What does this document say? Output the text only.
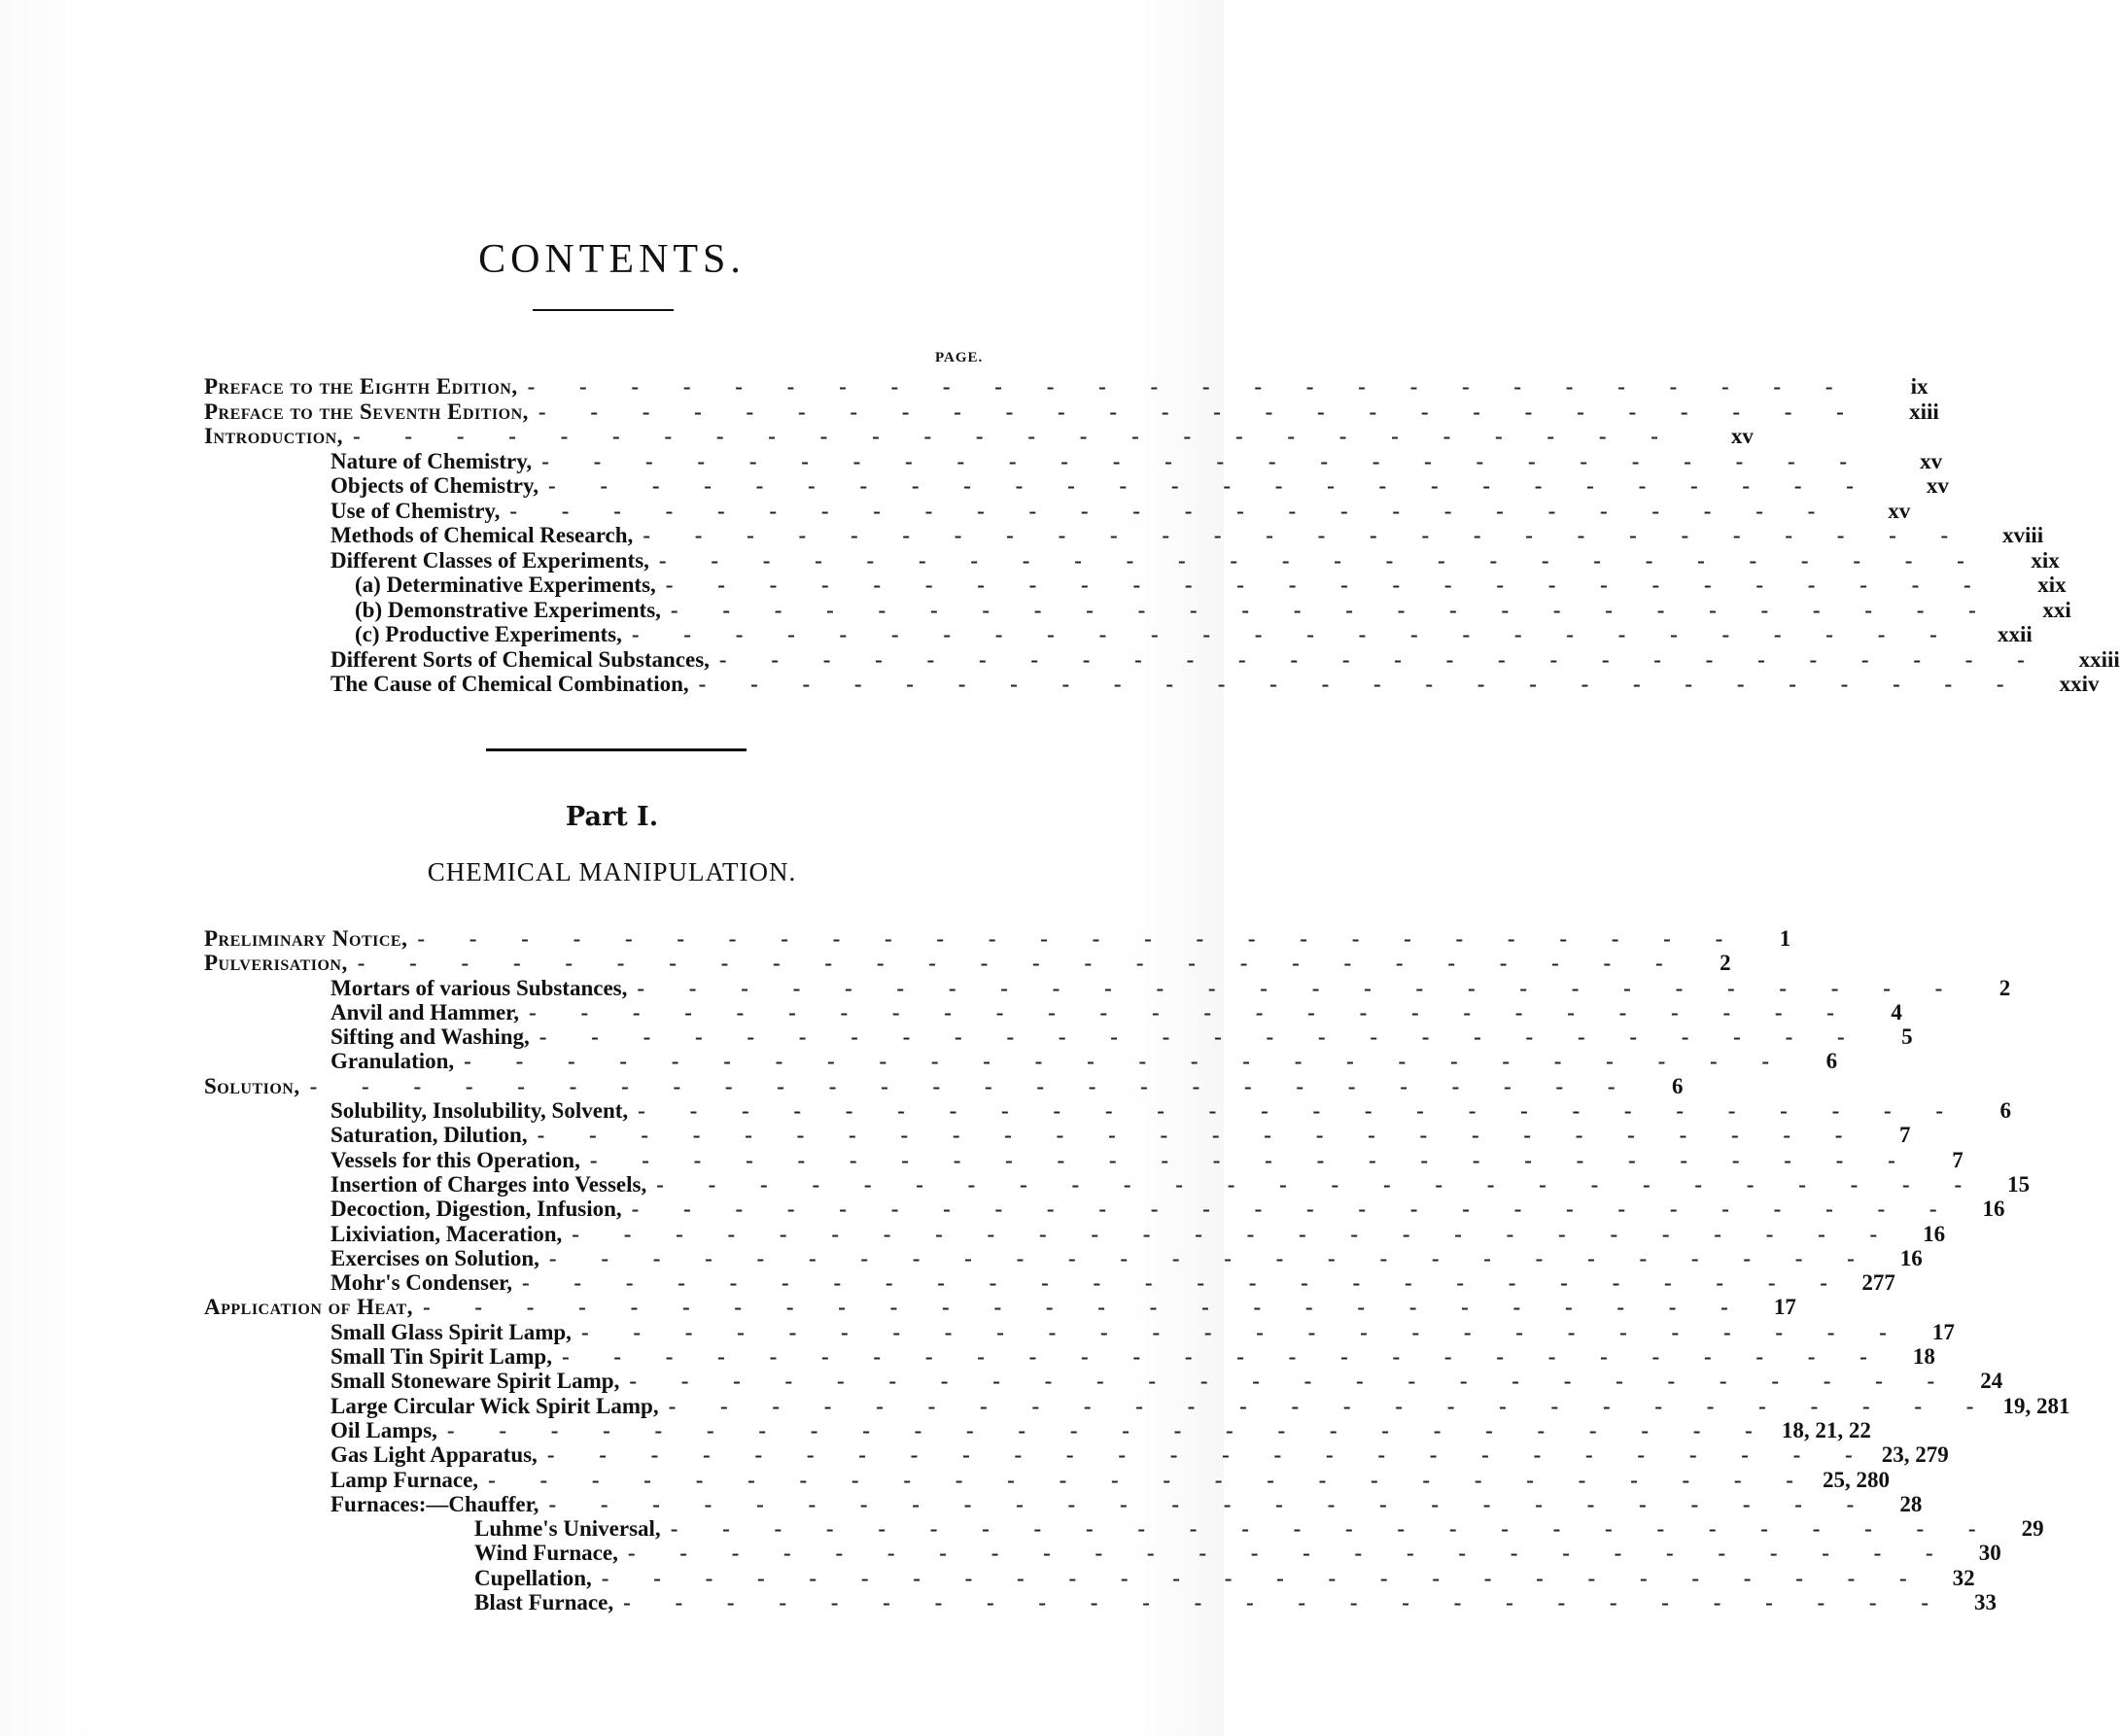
CONTENTS.
PAGE.
Preface to the Eighth Edition, - - - - - - - - - - - - - - - - - - - - - - - - - -	ix
Preface to the Seventh Edition, - - - - - - - - - - - - - - - - - - - - - - - - - -	xiii
Introduction, - - - - - - - - - - - - - - - - - - - - - - - - - -	xv
Nature of Chemistry, - - - - - - - - - - - - - - - - - - - - - - - - - -	xv
Objects of Chemistry, - - - - - - - - - - - - - - - - - - - - - - - - - -	xv
Use of Chemistry, - - - - - - - - - - - - - - - - - - - - - - - - - -	xv
Methods of Chemical Research, - - - - - - - - - - - - - - - - - - - - - - - - - -	xviii
Different Classes of Experiments, - - - - - - - - - - - - - - - - - - - - - - - - - -	xix
(a) Determinative Experiments, - - - - - - - - - - - - - - - - - - - - - - - - - -	xix
(b) Demonstrative Experiments, - - - - - - - - - - - - - - - - - - - - - - - - - -	xxi
(c) Productive Experiments, - - - - - - - - - - - - - - - - - - - - - - - - - -	xxii
Different Sorts of Chemical Substances, - - - - - - - - - - - - - - - - - - - - - - - - - -	xxiii
The Cause of Chemical Combination, - - - - - - - - - - - - - - - - - - - - - - - - - -	xxiv
Part I.
CHEMICAL MANIPULATION.
Preliminary Notice, - - - - - - - - - - - - - - - - - - - - - - - - - -	1
Pulverisation, - - - - - - - - - - - - - - - - - - - - - - - - - -	2
Mortars of various Substances, - - - - - - - - - - - - - - - - - - - - - - - - - -	2
Anvil and Hammer, - - - - - - - - - - - - - - - - - - - - - - - - - -	4
Sifting and Washing, - - - - - - - - - - - - - - - - - - - - - - - - - -	5
Granulation, - - - - - - - - - - - - - - - - - - - - - - - - - -	6
Solution, - - - - - - - - - - - - - - - - - - - - - - - - - -	6
Solubility, Insolubility, Solvent, - - - - - - - - - - - - - - - - - - - - - - - - - -	6
Saturation, Dilution, - - - - - - - - - - - - - - - - - - - - - - - - - -	7
Vessels for this Operation, - - - - - - - - - - - - - - - - - - - - - - - - - -	7
Insertion of Charges into Vessels, - - - - - - - - - - - - - - - - - - - - - - - - - -	15
Decoction, Digestion, Infusion, - - - - - - - - - - - - - - - - - - - - - - - - - -	16
Lixiviation, Maceration, - - - - - - - - - - - - - - - - - - - - - - - - - -	16
Exercises on Solution, - - - - - - - - - - - - - - - - - - - - - - - - - -	16
Mohr's Condenser, - - - - - - - - - - - - - - - - - - - - - - - - - - 277
Application of Heat, - - - - - - - - - - - - - - - - - - - - - - - - - -	17
Small Glass Spirit Lamp, - - - - - - - - - - - - - - - - - - - - - - - - - -	17
Small Tin Spirit Lamp, - - - - - - - - - - - - - - - - - - - - - - - - - -	18
Small Stoneware Spirit Lamp, - - - - - - - - - - - - - - - - - - - - - - - - - -	24
Large Circular Wick Spirit Lamp, - - - - - - - - - - - - - - - - - - - - - - - - - - 19, 281
Oil Lamps, - - - - - - - - - - - - - - - - - - - - - - - - - - 18, 21, 22
Gas Light Apparatus, - - - - - - - - - - - - - - - - - - - - - - - - - - 23, 279
Lamp Furnace, - - - - - - - - - - - - - - - - - - - - - - - - - - 25, 280
Furnaces:—Chauffer, - - - - - - - - - - - - - - - - - - - - - - - - - -	28
Luhme's Universal, - - - - - - - - - - - - - - - - - - - - - - - - - -	29
Wind Furnace, - - - - - - - - - - - - - - - - - - - - - - - - - -	30
Cupellation, - - - - - - - - - - - - - - - - - - - - - - - - - -	32
Blast Furnace, - - - - - - - - - - - - - - - - - - - - - - - - - -	33
